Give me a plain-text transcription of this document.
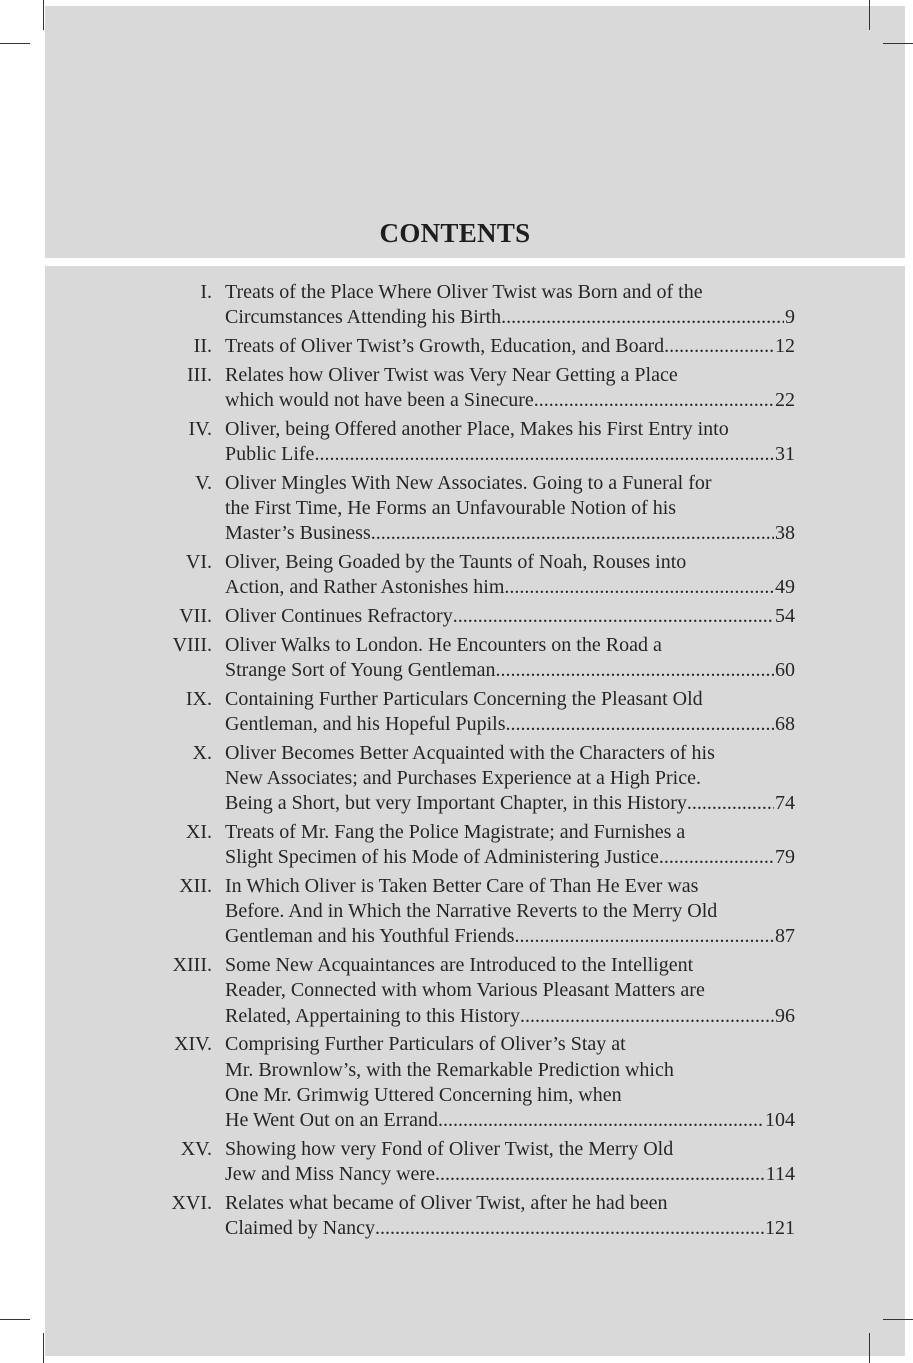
CONTENTS
I. Treats of the Place Where Oliver Twist was Born and of the
Circumstances Attending his Birth .....	9
II. Treats of Oliver Twist’s Growth, Education, and Board .....	12
III. Relates how Oliver Twist was Very Near Getting a Place
which would not have been a Sinecure .....	22
IV. Oliver, being Offered another Place, Makes his First Entry into
Public Life .....	31
V. Oliver Mingles With New Associates. Going to a Funeral for
the First Time, He Forms an Unfavourable Notion of his
Master’s Business .....	38
VI. Oliver, Being Goaded by the Taunts of Noah, Rouses into
Action, and Rather Astonishes him .....	49
VII. Oliver Continues Refractory .....	54
VIII. Oliver Walks to London. He Encounters on the Road a
Strange Sort of Young Gentleman .....	60
IX. Containing Further Particulars Concerning the Pleasant Old
Gentleman, and his Hopeful Pupils .....	68
X. Oliver Becomes Better Acquainted with the Characters of his
New Associates; and Purchases Experience at a High Price.
Being a Short, but very Important Chapter, in this History .....	74
XI. Treats of Mr. Fang the Police Magistrate; and Furnishes a
Slight Specimen of his Mode of Administering Justice .....	79
XII. In Which Oliver is Taken Better Care of Than He Ever was
Before. And in Which the Narrative Reverts to the Merry Old
Gentleman and his Youthful Friends .....	87
XIII. Some New Acquaintances are Introduced to the Intelligent
Reader, Connected with whom Various Pleasant Matters are
Related, Appertaining to this History .....	96
XIV. Comprising Further Particulars of Oliver’s Stay at
Mr. Brownlow’s, with the Remarkable Prediction which
One Mr. Grimwig Uttered Concerning him, when
He Went Out on an Errand .....	104
XV. Showing how very Fond of Oliver Twist, the Merry Old
Jew and Miss Nancy were .....	114
XVI. Relates what became of Oliver Twist, after he had been
Claimed by Nancy .....	121
